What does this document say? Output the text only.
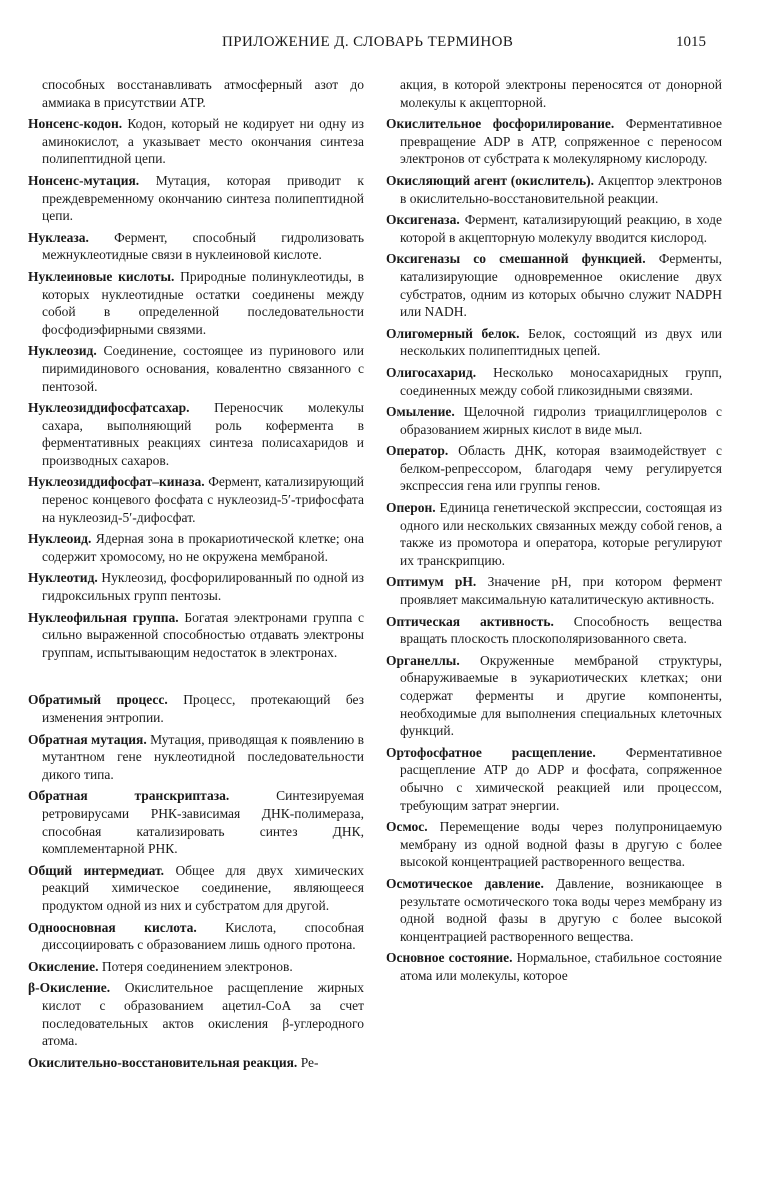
ПРИЛОЖЕНИЕ Д. СЛОВАРЬ ТЕРМИНОВ	1015

способных восстанавливать атмосферный азот до аммиака в присутствии АТР.

Нонсенс-кодон. Кодон, который не кодирует ни одну из аминокислот, а указывает место окончания синтеза полипептидной цепи.

Нонсенс-мутация. Мутация, которая приводит к преждевременному окончанию синтеза полипептидной цепи.

Нуклеаза. Фермент, способный гидролизовать межнуклеотидные связи в нуклеиновой кислоте.

Нуклеиновые кислоты. Природные полинуклеотиды, в которых нуклеотидные остатки соединены между собой в определенной последовательности фосфодиэфирными связями.

Нуклеозид. Соединение, состоящее из пуринового или пиримидинового основания, ковалентно связанного с пентозой.

Нуклеозиддифосфатсахар. Переносчик молекулы сахара, выполняющий роль кофермента в ферментативных реакциях синтеза полисахаридов и производных сахаров.

Нуклеозиддифосфат–киназа. Фермент, катализирующий перенос концевого фосфата с нуклеозид-5′-трифосфата на нуклеозид-5′-дифосфат.

Нуклеоид. Ядерная зона в прокариотической клетке; она содержит хромосому, но не окружена мембраной.

Нуклеотид. Нуклеозид, фосфорилированный по одной из гидроксильных групп пентозы.

Нуклеофильная группа. Богатая электронами группа с сильно выраженной способностью отдавать электроны группам, испытывающим недостаток в электронах.

Обратимый процесс. Процесс, протекающий без изменения энтропии.

Обратная мутация. Мутация, приводящая к появлению в мутантном гене нуклеотидной последовательности дикого типа.

Обратная транскриптаза.	Синтезируемая ретровирусами РНК-зависимая ДНК-полимераза, способная катализировать синтез ДНК, комплементарной РНК.

Общий интермедиат. Общее для двух химических реакций химическое соединение, являющееся продуктом одной из них и субстратом для другой.

Одноосновная кислота. Кислота, способная диссоциировать с образованием лишь одного протона.

Окисление. Потеря соединением электронов.

β-Окисление. Окислительное расщепление жирных кислот с образованием ацетил-СоА за счет последовательных актов окисления β-углеродного атома.

Окислительно-восстановительная реакция. Ре-

акция, в которой электроны переносятся от донорной молекулы к акцепторной.

Окислительное фосфорилирование. Ферментативное превращение ADP в АТР, сопряженное с переносом электронов от субстрата к молекулярному кислороду.

Окисляющий агент (окислитель). Акцептор электронов в окислительно-восстановительной реакции.

Оксигеназа. Фермент, катализирующий реакцию, в ходе которой в акцепторную молекулу вводится кислород.

Оксигеназы со смешанной функцией. Ферменты, катализирующие одновременное окисление двух субстратов, одним из которых обычно служит NADPH или NADH.

Олигомерный белок. Белок, состоящий из двух или нескольких полипептидных цепей.

Олигосахарид. Несколько моносахаридных групп, соединенных между собой гликозидными связями.

Омыление. Щелочной гидролиз триацилглицеролов с образованием жирных кислот в виде мыл.

Оператор. Область ДНК, которая взаимодействует с белком-репрессором, благодаря чему регулируется экспрессия гена или группы генов.

Оперон. Единица генетической экспрессии, состоящая из одного или нескольких связанных между собой генов, а также из промотора и оператора, которые регулируют их транскрипцию.

Оптимум рН. Значение рН, при котором фермент проявляет максимальную каталитическую активность.

Оптическая активность. Способность вещества вращать плоскость плоскополяризованного света.

Органеллы. Окруженные мембраной структуры, обнаруживаемые в эукариотических клетках; они содержат ферменты и другие компоненты, необходимые для выполнения специальных клеточных функций.

Ортофосфатное расщепление. Ферментативное расщепление АТР до ADP и фосфата, сопряженное обычно с химической реакцией или процессом, требующим затрат энергии.

Осмос. Перемещение воды через полупроницаемую мембрану из одной водной фазы в другую с более высокой концентрацией растворенного вещества.

Осмотическое давление. Давление, возникающее в результате осмотического тока воды через мембрану из одной водной фазы в другую с более высокой концентрацией растворенного вещества.

Основное состояние. Нормальное, стабильное состояние атома или молекулы, которое
